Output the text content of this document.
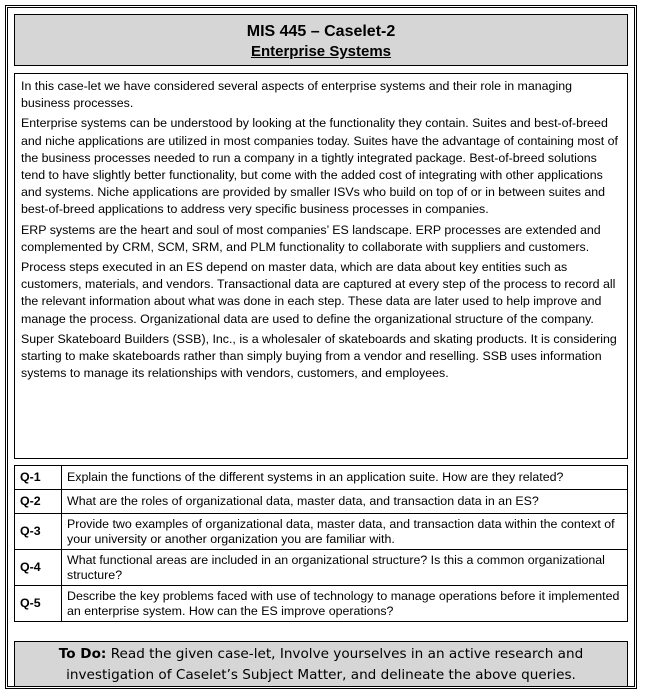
MIS 445 – Caselet-2
Enterprise Systems

In this case-let we have considered several aspects of enterprise systems and their role in managing business processes.

Enterprise systems can be understood by looking at the functionality they contain. Suites and best-of-breed and niche applications are utilized in most companies today. Suites have the advantage of containing most of the business processes needed to run a company in a tightly integrated package. Best-of-breed solutions tend to have slightly better functionality, but come with the added cost of integrating with other applications and systems. Niche applications are provided by smaller ISVs who build on top of or in between suites and best-of-breed applications to address very specific business processes in companies.

ERP systems are the heart and soul of most companies’ ES landscape. ERP processes are extended and complemented by CRM, SCM, SRM, and PLM functionality to collaborate with suppliers and customers.

Process steps executed in an ES depend on master data, which are data about key entities such as customers, materials, and vendors. Transactional data are captured at every step of the process to record all the relevant information about what was done in each step. These data are later used to help improve and manage the process. Organizational data are used to define the organizational structure of the company.

Super Skateboard Builders (SSB), Inc., is a wholesaler of skateboards and skating products. It is considering starting to make skateboards rather than simply buying from a vendor and reselling. SSB uses information systems to manage its relationships with vendors, customers, and employees.

Q-1	Explain the functions of the different systems in an application suite. How are they related?
Q-2	What are the roles of organizational data, master data, and transaction data in an ES?
Q-3	Provide two examples of organizational data, master data, and transaction data within the context of your university or another organization you are familiar with.
Q-4	What functional areas are included in an organizational structure? Is this a common organizational structure?
Q-5	Describe the key problems faced with use of technology to manage operations before it implemented an enterprise system. How can the ES improve operations?
To Do: Read the given case-let, Involve yourselves in an active research and investigation of Caselet’s Subject Matter, and delineate the above queries.
